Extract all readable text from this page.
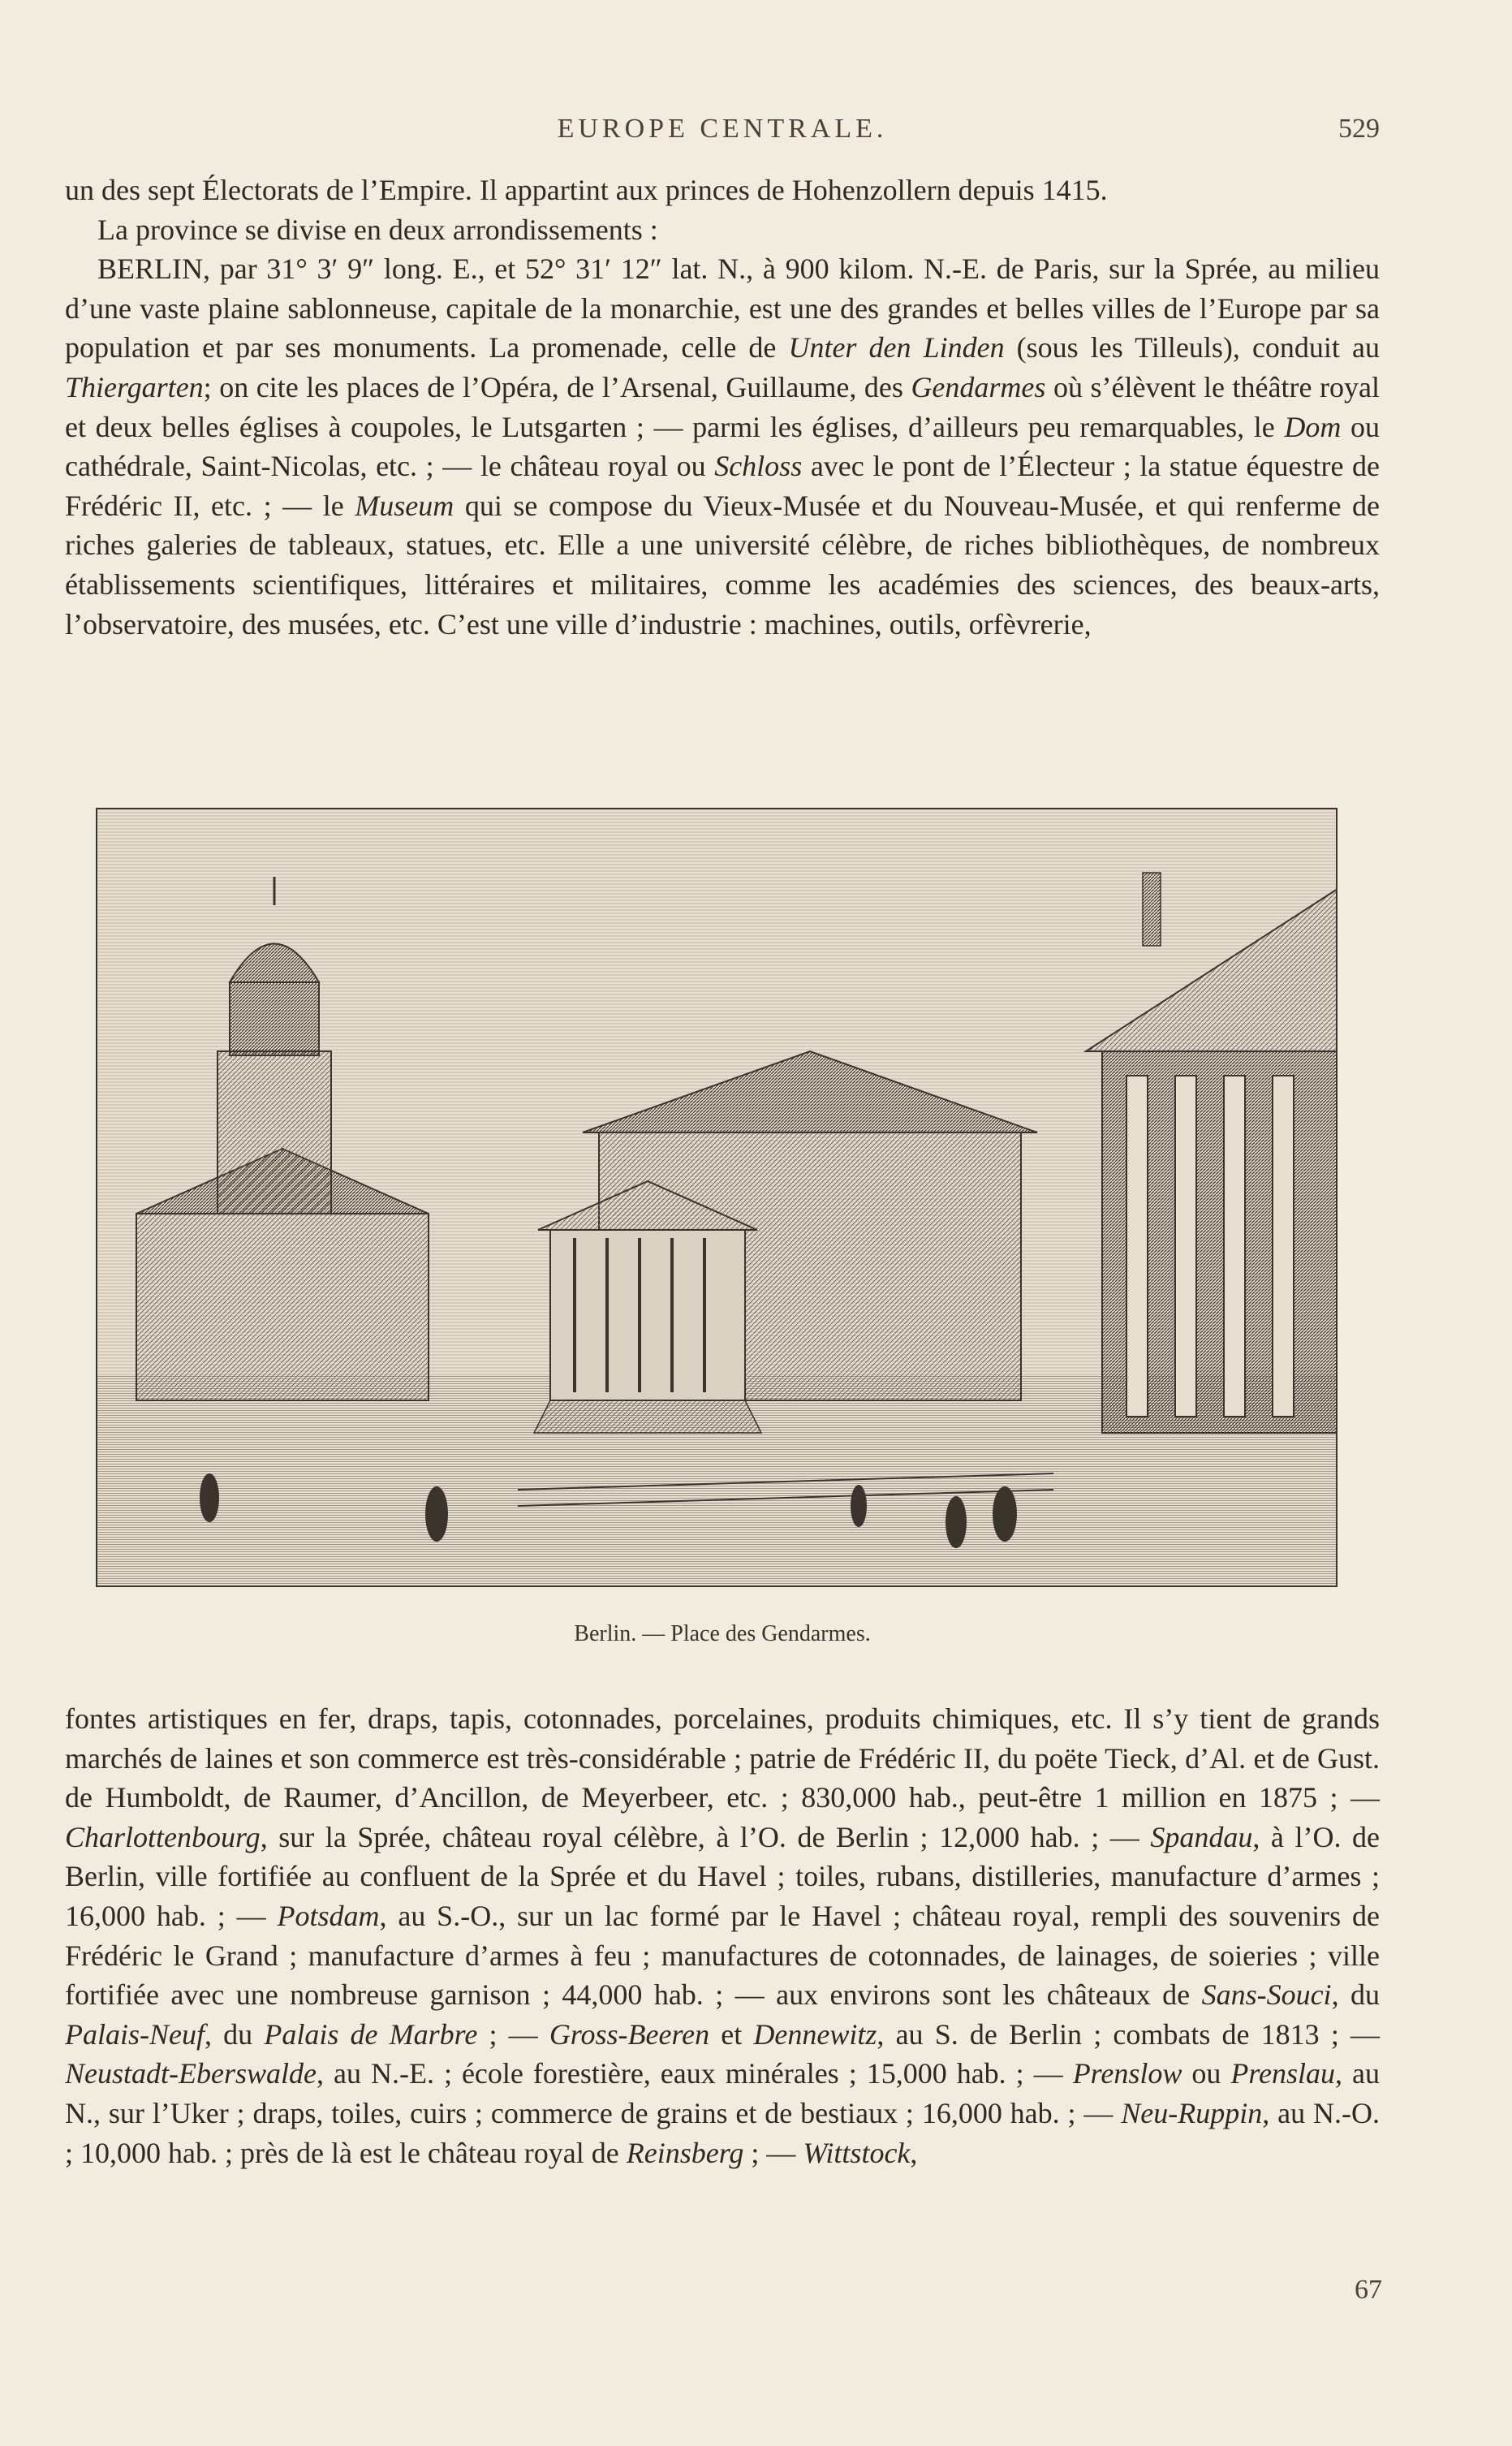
EUROPE CENTRALE.	529

un des sept Électorats de l’Empire. Il appartint aux princes de Hohenzollern depuis 1415.

La province se divise en deux arrondissements :

BERLIN, par 31° 3′ 9″ long. E., et 52° 31′ 12″ lat. N., à 900 kilom. N.-E. de Paris, sur la Sprée, au milieu d’une vaste plaine sablonneuse, capitale de la monarchie, est une des grandes et belles villes de l’Europe par sa population et par ses monuments. La promenade, celle de Unter den Linden (sous les Tilleuls), conduit au Thiergarten; on cite les places de l’Opéra, de l’Arsenal, Guillaume, des Gendarmes où s’élèvent le théâtre royal et deux belles églises à coupoles, le Lutsgarten ; — parmi les églises, d’ailleurs peu remarquables, le Dom ou cathédrale, Saint-Nicolas, etc. ; — le château royal ou Schloss avec le pont de l’Électeur ; la statue équestre de Frédéric II, etc. ; — le Museum qui se compose du Vieux-Musée et du Nouveau-Musée, et qui renferme de riches galeries de tableaux, statues, etc. Elle a une université célèbre, de riches bibliothèques, de nombreux établissements scientifiques, littéraires et militaires, comme les académies des sciences, des beaux-arts, l’observatoire, des musées, etc. C’est une ville d’industrie : machines, outils, orfèvrerie,

Berlin. — Place des Gendarmes.

fontes artistiques en fer, draps, tapis, cotonnades, porcelaines, produits chimiques, etc. Il s’y tient de grands marchés de laines et son commerce est très-considérable ; patrie de Frédéric II, du poëte Tieck, d’Al. et de Gust. de Humboldt, de Raumer, d’Ancillon, de Meyerbeer, etc. ; 830,000 hab., peut-être 1 million en 1875 ; — Charlottenbourg, sur la Sprée, château royal célèbre, à l’O. de Berlin ; 12,000 hab. ; — Spandau, à l’O. de Berlin, ville fortifiée au confluent de la Sprée et du Havel ; toiles, rubans, distilleries, manufacture d’armes ; 16,000 hab. ; — Potsdam, au S.-O., sur un lac formé par le Havel ; château royal, rempli des souvenirs de Frédéric le Grand ; manufacture d’armes à feu ; manufactures de cotonnades, de lainages, de soieries ; ville fortifiée avec une nombreuse garnison ; 44,000 hab. ; — aux environs sont les châteaux de Sans-Souci, du Palais-Neuf, du Palais de Marbre ; — Gross-Beeren et Dennewitz, au S. de Berlin ; combats de 1813 ; — Neustadt-Eberswalde, au N.-E. ; école forestière, eaux minérales ; 15,000 hab. ; — Prenslow ou Prenslau, au N., sur l’Uker ; draps, toiles, cuirs ; commerce de grains et de bestiaux ; 16,000 hab. ; — Neu-Ruppin, au N.-O. ; 10,000 hab. ; près de là est le château royal de Reinsberg ; — Wittstock,

67
